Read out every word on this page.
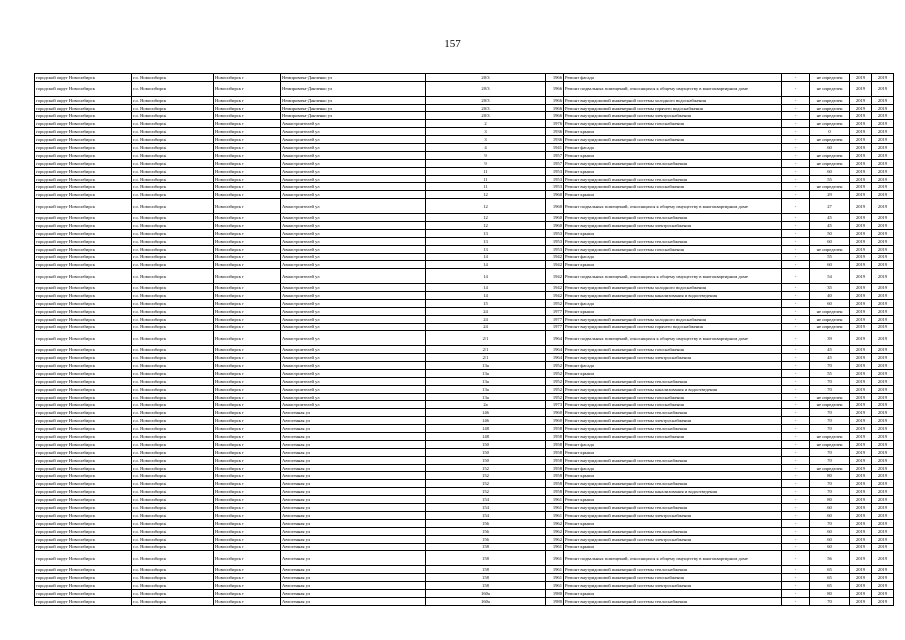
157
городской округ Новосибирск	г.о. Новосибирск	Новосибирск г	Немировича-Данченко ул	20/3	1966	Ремонт фасада	-	не определен	2019	2019
городской округ Новосибирск	г.о. Новосибирск	Новосибирск г	Немировича-Данченко ул	20/3	1966	Ремонт подвальных помещений, относящихся к общему имуществу в многоквартирном доме	-	не определен	2019	2019
городской округ Новосибирск	г.о. Новосибирск	Новосибирск г	Немировича-Данченко ул	20/3	1966	Ремонт внутридомовой инженерной системы холодного водоснабжения	-	не определен	2019	2019
городской округ Новосибирск	г.о. Новосибирск	Новосибирск г	Немировича-Данченко ул	20/3	1966	Ремонт внутридомовой инженерной системы горячего водоснабжения	-	не определен	2019	2019
городской округ Новосибирск	г.о. Новосибирск	Новосибирск г	Немировича-Данченко ул	20/3	1966	Ремонт внутридомовой инженерной системы электроснабжения	-	не определен	2019	2019
городской округ Новосибирск	г.о. Новосибирск	Новосибирск г	Авиастроителей ул	2	1976	Ремонт внутридомовой инженерной системы газоснабжения	-	не определен	2019	2019
городской округ Новосибирск	г.о. Новосибирск	Новосибирск г	Авиастроителей ул	3	1936	Ремонт крыши	-	0	2019	2019
городской округ Новосибирск	г.о. Новосибирск	Новосибирск г	Авиастроителей ул	3	1936	Ремонт внутридомовой инженерной системы газоснабжения	-	не определен	2019	2019
городской округ Новосибирск	г.о. Новосибирск	Новосибирск г	Авиастроителей ул	4	1941	Ремонт фасада	-	60	2019	2019
городской округ Новосибирск	г.о. Новосибирск	Новосибирск г	Авиастроителей ул	9	1957	Ремонт крыши	-	не определен	2019	2019
городской округ Новосибирск	г.о. Новосибирск	Новосибирск г	Авиастроителей ул	9	1957	Ремонт внутридомовой инженерной системы теплоснабжения	-	не определен	2019	2019
городской округ Новосибирск	г.о. Новосибирск	Новосибирск г	Авиастроителей ул	11	1953	Ремонт крыши	-	60	2019	2019
городской округ Новосибирск	г.о. Новосибирск	Новосибирск г	Авиастроителей ул	11	1953	Ремонт внутридомовой инженерной системы теплоснабжения	-	55	2019	2019
городской округ Новосибирск	г.о. Новосибирск	Новосибирск г	Авиастроителей ул	11	1953	Ремонт внутридомовой инженерной системы газоснабжения	-	не определен	2019	2019
городской округ Новосибирск	г.о. Новосибирск	Новосибирск г	Авиастроителей ул	12	1960	Ремонт крыши	-	29	2019	2019
городской округ Новосибирск	г.о. Новосибирск	Новосибирск г	Авиастроителей ул	12	1960	Ремонт подвальных помещений, относящихся к общему имуществу в многоквартирном доме	-	27	2019	2019
городской округ Новосибирск	г.о. Новосибирск	Новосибирск г	Авиастроителей ул	12	1960	Ремонт внутридомовой инженерной системы теплоснабжения	-	45	2019	2019
городской округ Новосибирск	г.о. Новосибирск	Новосибирск г	Авиастроителей ул	12	1960	Ремонт внутридомовой инженерной системы электроснабжения	-	45	2019	2019
городской округ Новосибирск	г.о. Новосибирск	Новосибирск г	Авиастроителей ул	13	1953	Ремонт крыши	-	50	2019	2019
городской округ Новосибирск	г.о. Новосибирск	Новосибирск г	Авиастроителей ул	13	1953	Ремонт внутридомовой инженерной системы теплоснабжения	-	60	2019	2019
городской округ Новосибирск	г.о. Новосибирск	Новосибирск г	Авиастроителей ул	13	1953	Ремонт внутридомовой инженерной системы газоснабжения	-	не определен	2019	2019
городской округ Новосибирск	г.о. Новосибирск	Новосибирск г	Авиастроителей ул	14	1942	Ремонт фасада	-	55	2019	2019
городской округ Новосибирск	г.о. Новосибирск	Новосибирск г	Авиастроителей ул	14	1942	Ремонт крыши	-	60	2019	2019
городской округ Новосибирск	г.о. Новосибирск	Новосибирск г	Авиастроителей ул	14	1942	Ремонт подвальных помещений, относящихся к общему имуществу в многоквартирном доме	-	54	2019	2019
городской округ Новосибирск	г.о. Новосибирск	Новосибирск г	Авиастроителей ул	14	1942	Ремонт внутридомовой инженерной системы холодного водоснабжения	-	35	2019	2019
городской округ Новосибирск	г.о. Новосибирск	Новосибирск г	Авиастроителей ул	14	1942	Ремонт внутридомовой инженерной системы канализования и водоотведения	-	40	2019	2019
городской округ Новосибирск	г.о. Новосибирск	Новосибирск г	Авиастроителей ул	15	1952	Ремонт фасада	-	60	2019	2019
городской округ Новосибирск	г.о. Новосибирск	Новосибирск г	Авиастроителей ул	24	1977	Ремонт крыши	-	не определен	2019	2019
городской округ Новосибирск	г.о. Новосибирск	Новосибирск г	Авиастроителей ул	24	1977	Ремонт внутридомовой инженерной системы холодного водоснабжения	-	не определен	2019	2019
городской округ Новосибирск	г.о. Новосибирск	Новосибирск г	Авиастроителей ул	24	1977	Ремонт внутридомовой инженерной системы горячего водоснабжения	-	не определен	2019	2019
городской округ Новосибирск	г.о. Новосибирск	Новосибирск г	Авиастроителей ул	2/1	1964	Ремонт подвальных помещений, относящихся к общему имуществу в многоквартирном доме	-	39	2019	2019
городской округ Новосибирск	г.о. Новосибирск	Новосибирск г	Авиастроителей ул	2/1	1964	Ремонт внутридомовой инженерной системы газоснабжения	-	45	2019	2019
городской округ Новосибирск	г.о. Новосибирск	Новосибирск г	Авиастроителей ул	2/1	1964	Ремонт внутридомовой инженерной системы электроснабжения	-	45	2019	2019
городской округ Новосибирск	г.о. Новосибирск	Новосибирск г	Авиастроителей ул	13а	1952	Ремонт фасада	-	70	2019	2019
городской округ Новосибирск	г.о. Новосибирск	Новосибирск г	Авиастроителей ул	13а	1952	Ремонт крыши	-	55	2019	2019
городской округ Новосибирск	г.о. Новосибирск	Новосибирск г	Авиастроителей ул	13а	1952	Ремонт внутридомовой инженерной системы теплоснабжения	-	70	2019	2019
городской округ Новосибирск	г.о. Новосибирск	Новосибирск г	Авиастроителей ул	13а	1952	Ремонт внутридомовой инженерной системы канализования и водоотведения	-	70	2019	2019
городской округ Новосибирск	г.о. Новосибирск	Новосибирск г	Авиастроителей ул	13а	1952	Ремонт внутридомовой инженерной системы газоснабжения	-	не определен	2019	2019
городской округ Новосибирск	г.о. Новосибирск	Новосибирск г	Авиастроителей ул	2а	1973	Ремонт внутридомовой инженерной системы газоснабжения	-	не определен	2019	2019
городской округ Новосибирск	г.о. Новосибирск	Новосибирск г	Автогенная ул	146	1960	Ремонт внутридомовой инженерной системы теплоснабжения	-	70	2019	2019
городской округ Новосибирск	г.о. Новосибирск	Новосибирск г	Автогенная ул	146	1960	Ремонт внутридомовой инженерной системы электроснабжения	-	70	2019	2019
городской округ Новосибирск	г.о. Новосибирск	Новосибирск г	Автогенная ул	148	1958	Ремонт внутридомовой инженерной системы теплоснабжения	-	70	2019	2019
городской округ Новосибирск	г.о. Новосибирск	Новосибирск г	Автогенная ул	148	1958	Ремонт внутридомовой инженерной системы газоснабжения	-	не определен	2019	2019
городской округ Новосибирск	г.о. Новосибирск	Новосибирск г	Автогенная ул	150	1958	Ремонт фасада	-	не определен	2019	2019
городской округ Новосибирск	г.о. Новосибирск	Новосибирск г	Автогенная ул	150	1958	Ремонт крыши	-	70	2019	2019
городской округ Новосибирск	г.о. Новосибирск	Новосибирск г	Автогенная ул	150	1958	Ремонт внутридомовой инженерной системы теплоснабжения	-	70	2019	2019
городской округ Новосибирск	г.о. Новосибирск	Новосибирск г	Автогенная ул	152	1958	Ремонт фасада	-	не определен	2019	2019
городской округ Новосибирск	г.о. Новосибирск	Новосибирск г	Автогенная ул	152	1958	Ремонт крыши	-	80	2019	2019
городской округ Новосибирск	г.о. Новосибирск	Новосибирск г	Автогенная ул	152	1958	Ремонт внутридомовой инженерной системы теплоснабжения	-	70	2019	2019
городской округ Новосибирск	г.о. Новосибирск	Новосибирск г	Автогенная ул	152	1958	Ремонт внутридомовой инженерной системы канализования и водоотведения	-	70	2019	2019
городской округ Новосибирск	г.о. Новосибирск	Новосибирск г	Автогенная ул	154	1961	Ремонт крыши	-	80	2019	2019
городской округ Новосибирск	г.о. Новосибирск	Новосибирск г	Автогенная ул	154	1961	Ремонт внутридомовой инженерной системы теплоснабжения	-	60	2019	2019
городской округ Новосибирск	г.о. Новосибирск	Новосибирск г	Автогенная ул	154	1961	Ремонт внутридомовой инженерной системы электроснабжения	-	60	2019	2019
городской округ Новосибирск	г.о. Новосибирск	Новосибирск г	Автогенная ул	156	1962	Ремонт крыши	-	70	2019	2019
городской округ Новосибирск	г.о. Новосибирск	Новосибирск г	Автогенная ул	156	1962	Ремонт внутридомовой инженерной системы теплоснабжения	-	60	2019	2019
городской округ Новосибирск	г.о. Новосибирск	Новосибирск г	Автогенная ул	156	1962	Ремонт внутридомовой инженерной системы электроснабжения	-	60	2019	2019
городской округ Новосибирск	г.о. Новосибирск	Новосибирск г	Автогенная ул	158	1961	Ремонт крыши	-	60	2019	2019
городской округ Новосибирск	г.о. Новосибирск	Новосибирск г	Автогенная ул	158	1961	Ремонт подвальных помещений, относящихся к общему имуществу в многоквартирном доме	-	56	2019	2019
городской округ Новосибирск	г.о. Новосибирск	Новосибирск г	Автогенная ул	158	1961	Ремонт внутридомовой инженерной системы теплоснабжения	-	65	2019	2019
городской округ Новосибирск	г.о. Новосибирск	Новосибирск г	Автогенная ул	158	1961	Ремонт внутридомовой инженерной системы газоснабжения	-	65	2019	2019
городской округ Новосибирск	г.о. Новосибирск	Новосибирск г	Автогенная ул	158	1961	Ремонт внутридомовой инженерной системы электроснабжения	-	65	2019	2019
городской округ Новосибирск	г.о. Новосибирск	Новосибирск г	Автогенная ул	160а	1980	Ремонт крыши	-	80	2019	2019
городской округ Новосибирск	г.о. Новосибирск	Новосибирск г	Автогенная ул	160а	1980	Ремонт внутридомовой инженерной системы теплоснабжения	-	70	2019	2019
